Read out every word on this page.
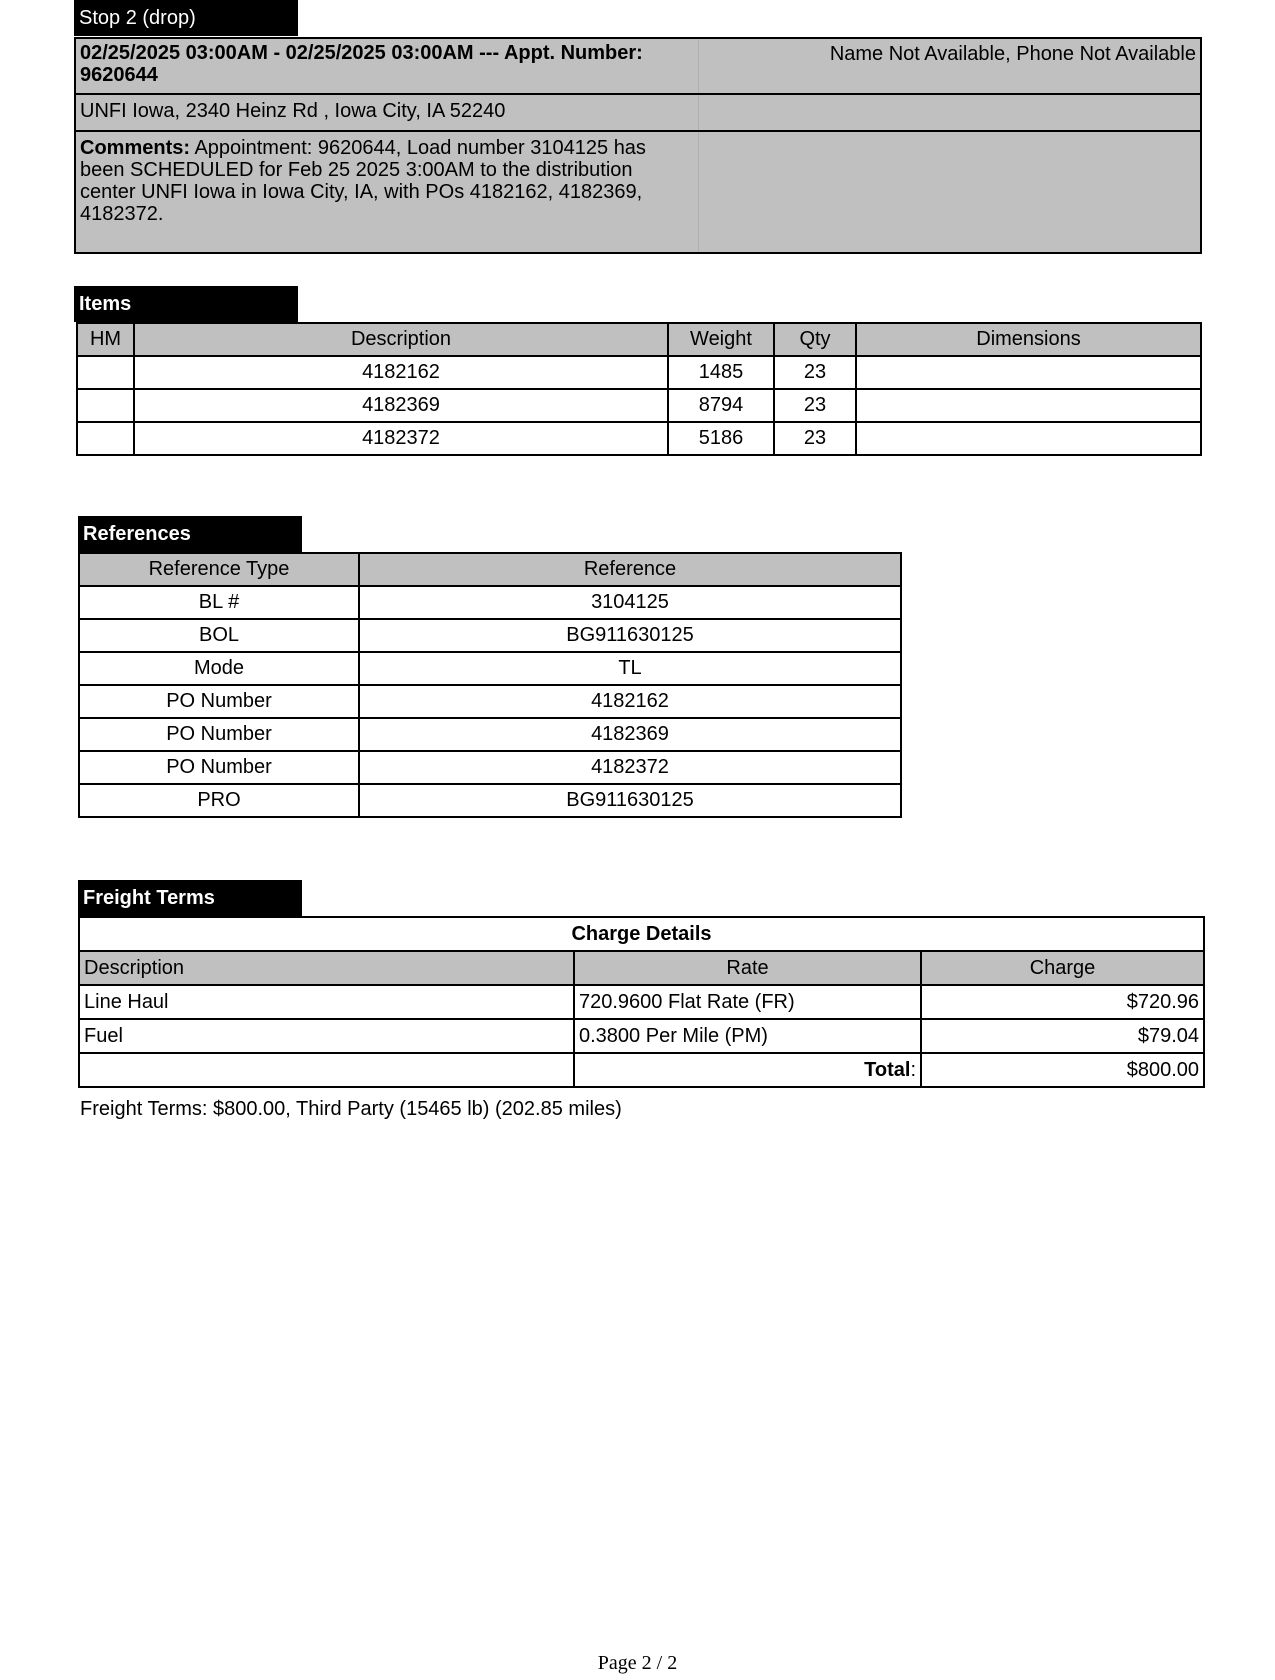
Stop 2 (drop)
02/25/2025 03:00AM - 02/25/2025 03:00AM --- Appt. Number:
9620644
Name Not Available, Phone Not Available
UNFI Iowa, 2340 Heinz Rd , Iowa City, IA 52240
Comments: Appointment: 9620644, Load number 3104125 has
been SCHEDULED for Feb 25 2025 3:00AM to the distribution
center UNFI Iowa in Iowa City, IA, with POs 4182162, 4182369,
4182372.
Items
HM	Description	Weight	Qty	Dimensions
	4182162	1485	23	
	4182369	8794	23	
	4182372	5186	23	
References
Reference Type	Reference
BL #	3104125
BOL	BG911630125
Mode	TL
PO Number	4182162
PO Number	4182369
PO Number	4182372
PRO	BG911630125
Freight Terms
Charge Details		
Description	Rate	Charge
Line Haul	720.9600 Flat Rate (FR)	$720.96
Fuel	0.3800 Per Mile (PM)	$79.04
	Total:	$800.00
Freight Terms: $800.00, Third Party (15465 lb) (202.85 miles)
Page 2 / 2
